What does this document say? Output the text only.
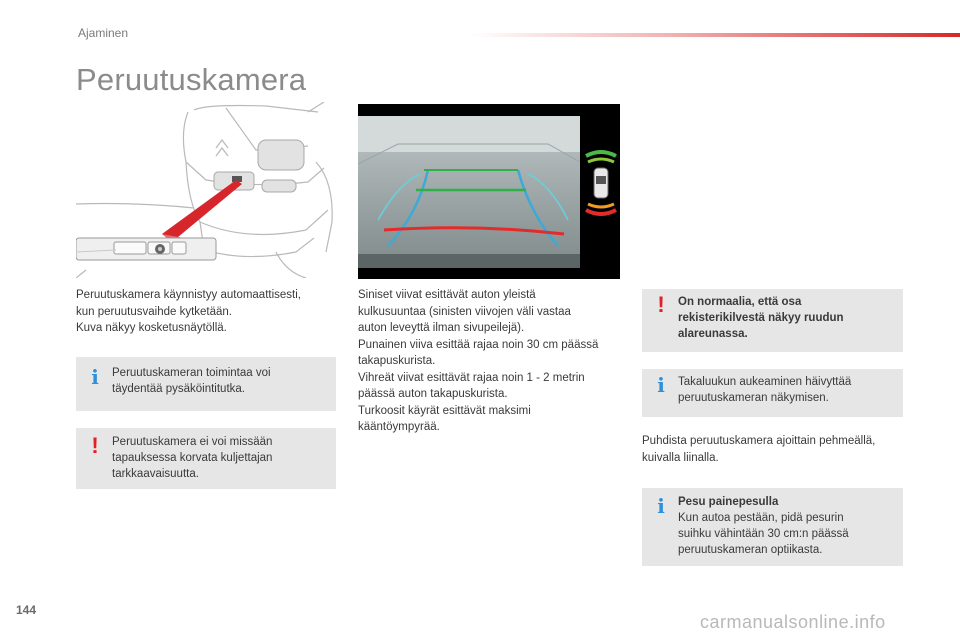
Ajaminen
Peruutuskamera
Peruutuskamera käynnistyy automaattisesti,
kun peruutusvaihde kytketään.
Kuva näkyy kosketusnäytöllä.
i Peruutuskameran toimintaa voi
täydentää pysäköintitutka.
! Peruutuskamera ei voi missään
tapauksessa korvata kuljettajan
tarkkaavaisuutta.
Siniset viivat esittävät auton yleistä
kulkusuuntaa (sinisten viivojen väli vastaa
auton leveyttä ilman sivupeilejä).
Punainen viiva esittää rajaa noin 30 cm päässä
takapuskurista.
Vihreät viivat esittävät rajaa noin 1 - 2 metrin
päässä auton takapuskurista.
Turkoosit käyrät esittävät maksimi
kääntöympyrää.
! On normaalia, että osa
rekisterikilvestä näkyy ruudun
alareunassa.
i Takaluukun aukeaminen häivyttää
peruutuskameran näkymisen.
Puhdista peruutuskamera ajoittain pehmeällä,
kuivalla liinalla.
i Pesu painepesulla
Kun autoa pestään, pidä pesurin
suihku vähintään 30 cm:n päässä
peruutuskameran optiikasta.
144
carmanualsonline.info
